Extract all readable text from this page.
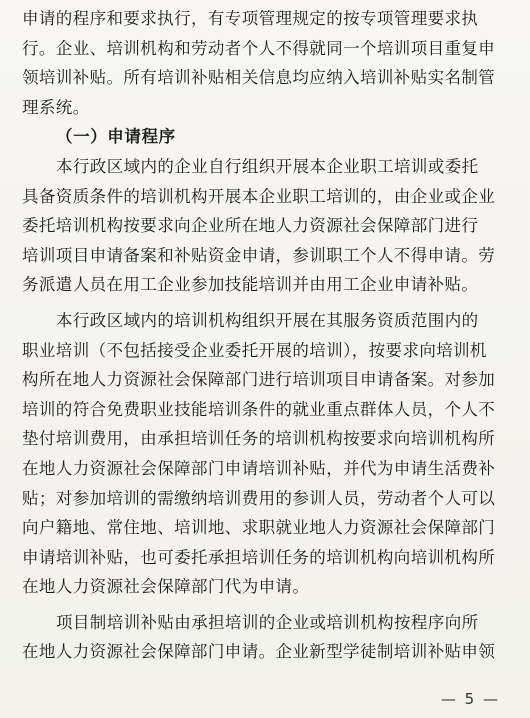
申请的程序和要求执行，有专项管理规定的按专项管理要求执
行。企业、培训机构和劳动者个人不得就同一个培训项目重复申
领培训补贴。所有培训补贴相关信息均应纳入培训补贴实名制管
理系统。
（一）申请程序
本行政区域内的企业自行组织开展本企业职工培训或委托
具备资质条件的培训机构开展本企业职工培训的，由企业或企业
委托培训机构按要求向企业所在地人力资源社会保障部门进行
培训项目申请备案和补贴资金申请，参训职工个人不得申请。劳
务派遣人员在用工企业参加技能培训并由用工企业申请补贴。
本行政区域内的培训机构组织开展在其服务资质范围内的
职业培训（不包括接受企业委托开展的培训），按要求向培训机
构所在地人力资源社会保障部门进行培训项目申请备案。对参加
培训的符合免费职业技能培训条件的就业重点群体人员，个人不
垫付培训费用，由承担培训任务的培训机构按要求向培训机构所
在地人力资源社会保障部门申请培训补贴，并代为申请生活费补
贴；对参加培训的需缴纳培训费用的参训人员，劳动者个人可以
向户籍地、常住地、培训地、求职就业地人力资源社会保障部门
申请培训补贴，也可委托承担培训任务的培训机构向培训机构所
在地人力资源社会保障部门代为申请。
项目制培训补贴由承担培训的企业或培训机构按程序向所
在地人力资源社会保障部门申请。企业新型学徒制培训补贴申领
— 5 —
